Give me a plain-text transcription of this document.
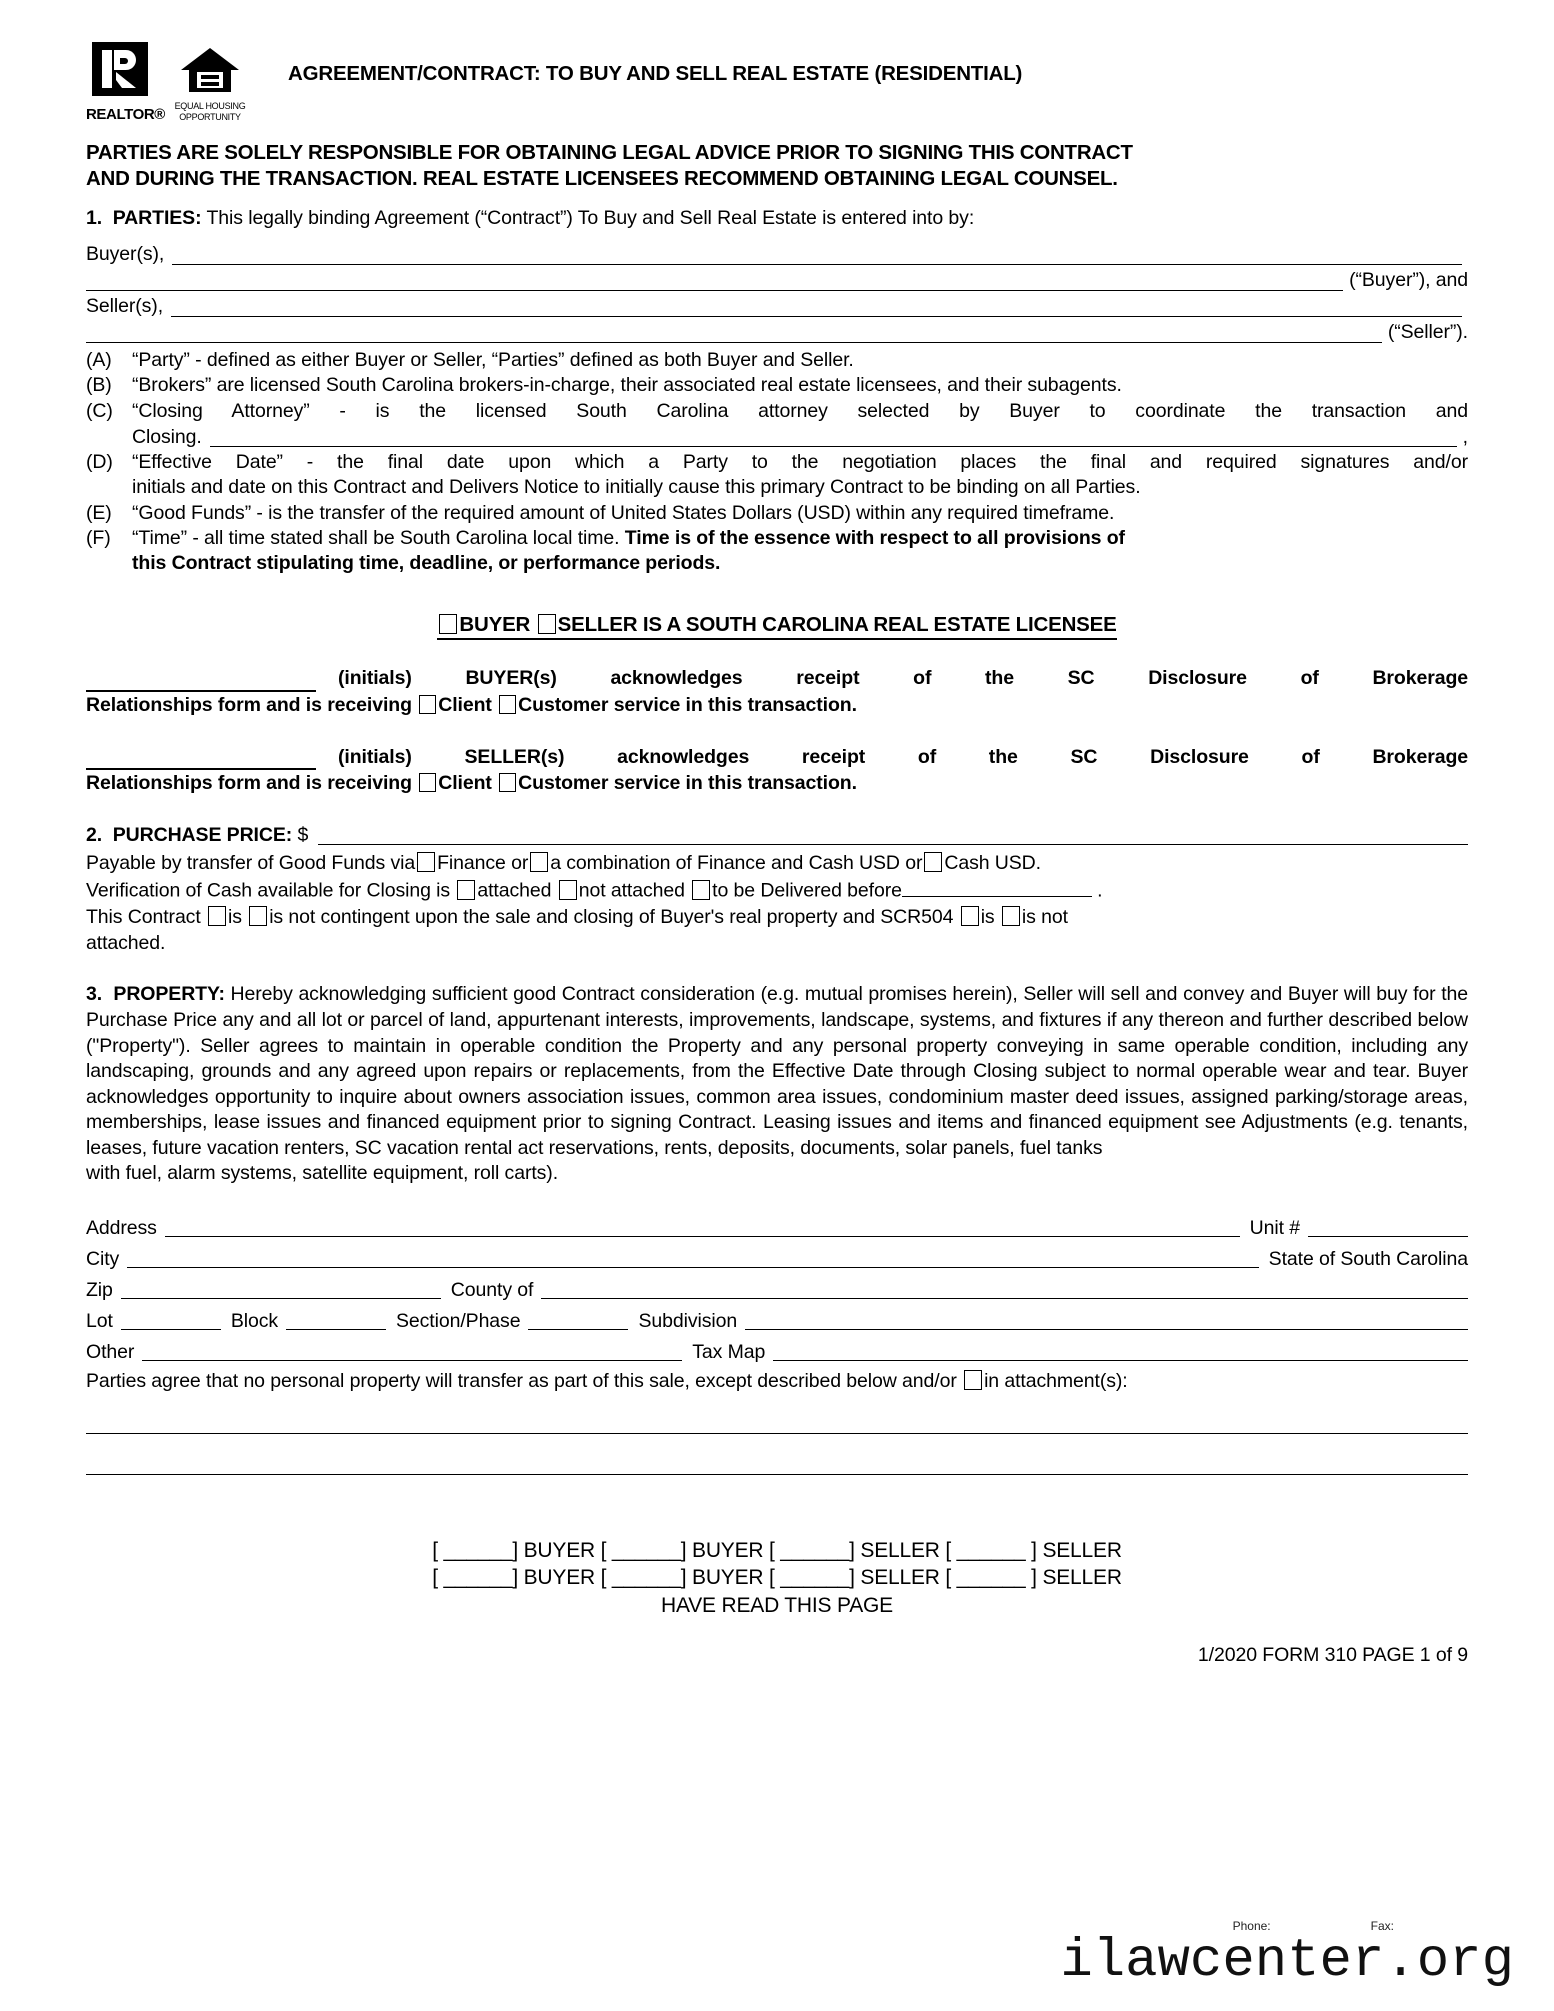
REALTOR®	EQUAL HOUSING
OPPORTUNITY
AGREEMENT/CONTRACT: TO BUY AND SELL REAL ESTATE (RESIDENTIAL)
PARTIES ARE SOLELY RESPONSIBLE FOR OBTAINING LEGAL ADVICE PRIOR TO SIGNING THIS CONTRACT
AND DURING THE TRANSACTION. REAL ESTATE LICENSEES RECOMMEND OBTAINING LEGAL COUNSEL.
1. PARTIES: This legally binding Agreement (“Contract”) To Buy and Sell Real Estate is entered into by:
Buyer(s),
(“Buyer”), and
Seller(s),
(“Seller”).
(A)	“Party” - defined as either Buyer or Seller, “Parties” defined as both Buyer and Seller.
(B)	“Brokers” are licensed South Carolina brokers-in-charge, their associated real estate licensees, and their subagents.
(C) “Closing Attorney” - is the licensed South Carolina attorney selected by Buyer to coordinate the transaction and
Closing.	,
(D) “Effective Date” - the final date upon which a Party to the negotiation places the final and required signatures and/or
initials and date on this Contract and Delivers Notice to initially cause this primary Contract to be binding on all Parties.
(E)	“Good Funds” - is the transfer of the required amount of United States Dollars (USD) within any required timeframe.
(F)	“Time” - all time stated shall be South Carolina local time. Time is of the essence with respect to all provisions of
this Contract stipulating time, deadline, or performance periods.
BUYER SELLER IS A SOUTH CAROLINA REAL ESTATE LICENSEE
(initials)	BUYER(s)	acknowledges receipt of the SC Disclosure of Brokerage
Relationships form and is receiving Client Customer service in this transaction.
(initials)	SELLER(s)	acknowledges receipt of the SC Disclosure of Brokerage
Relationships form and is receiving Client Customer service in this transaction.
2.
PURCHASE PRICE:
$
Payable by transfer of Good Funds via Finance or a combination of Finance and Cash USD or Cash USD.
Verification of Cash available for Closing is attached not attached to be Delivered before	.
This Contract is is not contingent upon the sale and closing of Buyer's real property and SCR504 is is not
attached.
3. PROPERTY: Hereby acknowledging sufficient good Contract consideration (e.g. mutual promises herein), Seller will sell and convey and Buyer will buy for the Purchase Price any and all lot or parcel of land, appurtenant interests, improvements, landscape, systems, and fixtures if any thereon and further described below ("Property"). Seller agrees to maintain in operable condition the Property and any personal property conveying in same operable condition, including any landscaping, grounds and any agreed upon repairs or replacements, from the Effective Date through Closing subject to normal operable wear and tear. Buyer acknowledges opportunity to inquire about owners association issues, common area issues, condominium master deed issues, assigned parking/storage areas, memberships, lease issues and financed equipment prior to signing Contract. Leasing issues and items and financed equipment see Adjustments (e.g. tenants, leases, future vacation renters, SC vacation rental act reservations, rents, deposits, documents, solar panels, fuel tanks
with fuel, alarm systems, satellite equipment, roll carts).
Address	Unit #
City	State of South Carolina
Zip	County of
Lot	Block	Section/Phase	Subdivision
Other	Tax Map
Parties agree that no personal property will transfer as part of this sale, except described below and/or in attachment(s):
[ ______] BUYER [ ______] BUYER [ ______] SELLER [ ______ ] SELLER
[ ______] BUYER [ ______] BUYER [ ______] SELLER [ ______ ] SELLER
HAVE READ THIS PAGE
1/2020 FORM 310 PAGE 1 of 9
Phone:	Fax:
ilawcenter.org
